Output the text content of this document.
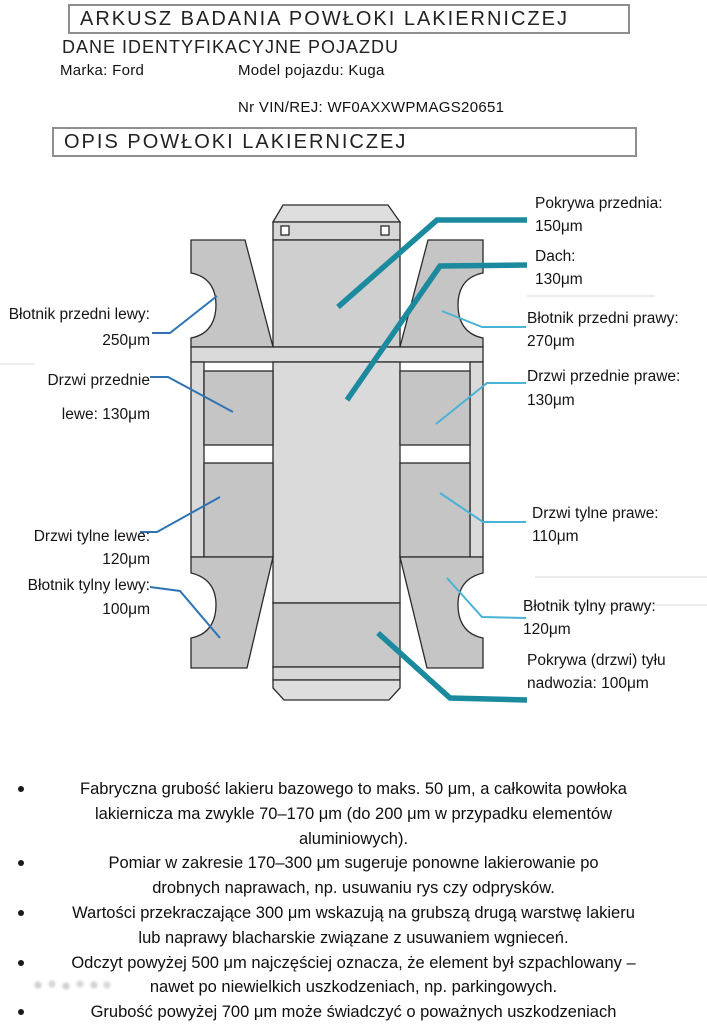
ARKUSZ BADANIA POWŁOKI LAKIERNICZEJ
DANE IDENTYFIKACYJNE POJAZDU
Marka: Ford	Model pojazdu: Kuga
Nr VIN/REJ: WF0AXXWPMAGS20651
OPIS POWŁOKI LAKIERNICZEJ
Pokrywa przednia:
150μm
Dach:
130μm
Błotnik przedni prawy:
270μm
Drzwi przednie prawe:
130μm
Drzwi tylne prawe:
110μm
Błotnik tylny prawy:
120μm
Pokrywa (drzwi) tyłu
nadwozia: 100μm
Błotnik przedni lewy:
250μm
Drzwi przednie
lewe: 130μm
Drzwi tylne lewe:
120μm
Błotnik tylny lewy:
100μm
Fabryczna grubość lakieru bazowego to maks. 50 μm, a całkowita powłoka
lakiernicza ma zwykle 70–170 μm (do 200 μm w przypadku elementów
aluminiowych).
Pomiar w zakresie 170–300 μm sugeruje ponowne lakierowanie po
drobnych naprawach, np. usuwaniu rys czy odprysków.
Wartości przekraczające 300 μm wskazują na grubszą drugą warstwę lakieru
lub naprawy blacharskie związane z usuwaniem wgnieceń.
Odczyt powyżej 500 μm najczęściej oznacza, że element był szpachlowany –
nawet po niewielkich uszkodzeniach, np. parkingowych.
Grubość powyżej 700 μm może świadczyć o poważnych uszkodzeniach
